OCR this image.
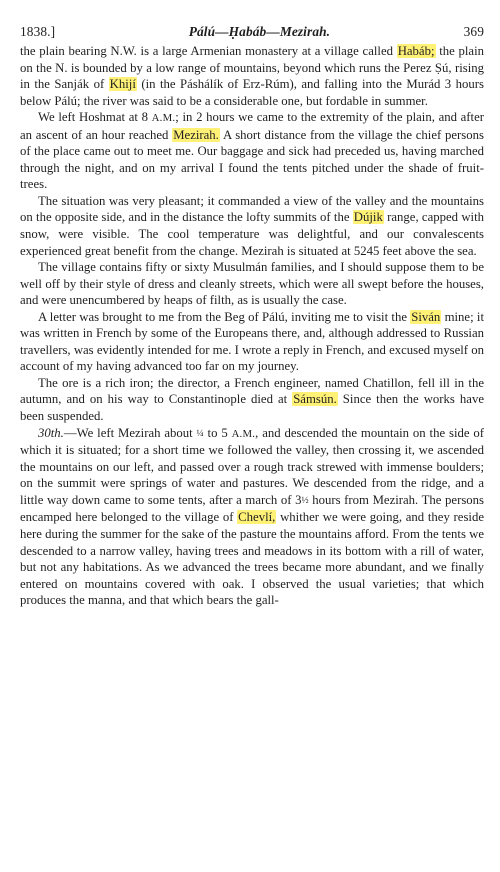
1838.]	Pálú—Ḥabáb—Mezirah.	369

the plain bearing N.W. is a large Armenian monastery at a village called Habáb; the plain on the N. is bounded by a low range of mountains, beyond which runs the Perez Ṣú, rising in the Sanják of Khijí (in the Páshálík of Erz-Rúm), and falling into the Murád 3 hours below Pálú; the river was said to be a considerable one, but fordable in summer.

We left Hoshmat at 8 A.M.; in 2 hours we came to the extremity of the plain, and after an ascent of an hour reached Mezirah. A short distance from the village the chief persons of the place came out to meet me. Our baggage and sick had preceded us, having marched through the night, and on my arrival I found the tents pitched under the shade of fruit-trees.

The situation was very pleasant; it commanded a view of the valley and the mountains on the opposite side, and in the distance the lofty summits of the Dújik range, capped with snow, were visible. The cool temperature was delightful, and our convalescents experienced great benefit from the change. Mezirah is situated at 5245 feet above the sea.

The village contains fifty or sixty Musulmán families, and I should suppose them to be well off by their style of dress and cleanly streets, which were all swept before the houses, and were unencumbered by heaps of filth, as is usually the case.

A letter was brought to me from the Beg of Pálú, inviting me to visit the Siván mine; it was written in French by some of the Europeans there, and, although addressed to Russian travellers, was evidently intended for me. I wrote a reply in French, and excused myself on account of my having advanced too far on my journey.

The ore is a rich iron; the director, a French engineer, named Chatillon, fell ill in the autumn, and on his way to Constantinople died at Sámsún. Since then the works have been suspended.

30th.—We left Mezirah about ¼ to 5 A.M., and descended the mountain on the side of which it is situated; for a short time we followed the valley, then crossing it, we ascended the mountains on our left, and passed over a rough track strewed with immense boulders; on the summit were springs of water and pastures. We descended from the ridge, and a little way down came to some tents, after a march of 3½ hours from Mezirah. The persons encamped here belonged to the village of Chevlí, whither we were going, and they reside here during the summer for the sake of the pasture the mountains afford. From the tents we descended to a narrow valley, having trees and meadows in its bottom with a rill of water, but not any habitations. As we advanced the trees became more abundant, and we finally entered on mountains covered with oak. I observed the usual varieties; that which produces the manna, and that which bears the gall-
